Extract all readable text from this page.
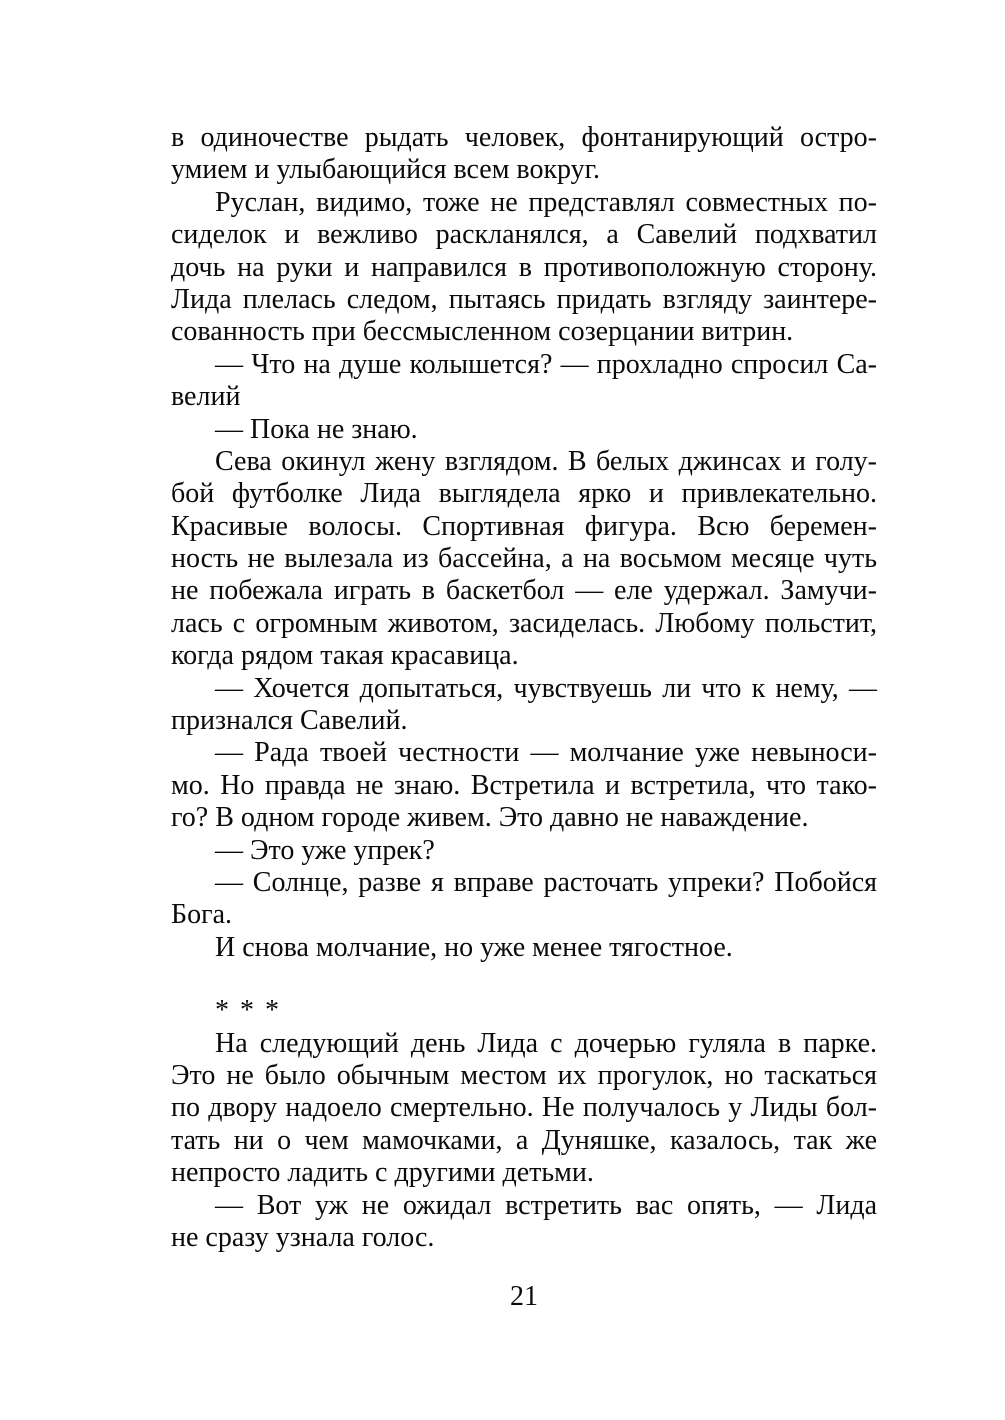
в одиночестве рыдать человек, фонтанирующий остро-
умием и улыбающийся всем вокруг.
Руслан, видимо, тоже не представлял совместных по-
сиделок и вежливо раскланялся, а Савелий подхватил
дочь на руки и направился в противоположную сторону.
Лида плелась следом, пытаясь придать взгляду заинтере-
сованность при бессмысленном созерцании витрин.
— Что на душе колышется? — прохладно спросил Са-
велий
— Пока не знаю.
Сева окинул жену взглядом. В белых джинсах и голу-
бой футболке Лида выглядела ярко и привлекательно.
Красивые волосы. Спортивная фигура. Всю беремен-
ность не вылезала из бассейна, а на восьмом месяце чуть
не побежала играть в баскетбол — еле удержал. Замучи-
лась с огромным животом, засиделась. Любому польстит,
когда рядом такая красавица.
— Хочется допытаться, чувствуешь ли что к нему, —
признался Савелий.
— Рада твоей честности — молчание уже невыноси-
мо. Но правда не знаю. Встретила и встретила, что тако-
го? В одном городе живем. Это давно не наваждение.
— Это уже упрек?
— Солнце, разве я вправе расточать упреки? Побойся
Бога.
И снова молчание, но уже менее тягостное.
* * *
На следующий день Лида с дочерью гуляла в парке.
Это не было обычным местом их прогулок, но таскаться
по двору надоело смертельно. Не получалось у Лиды бол-
тать ни о чем мамочками, а Дуняшке, казалось, так же
непросто ладить с другими детьми.
— Вот уж не ожидал встретить вас опять, — Лида
не сразу узнала голос.
21
